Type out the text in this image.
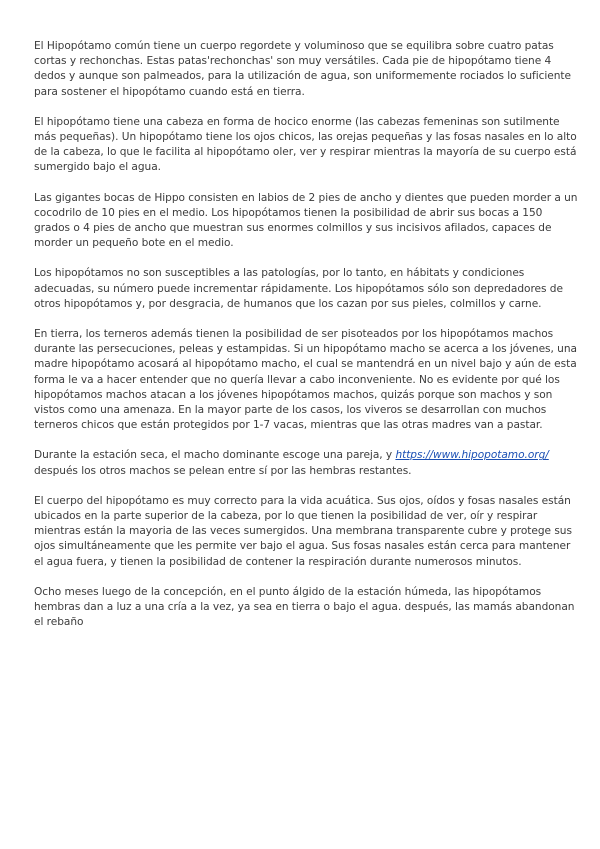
El Hipopótamo común tiene un cuerpo regordete y voluminoso que se equilibra sobre cuatro patas cortas y rechonchas. Estas patas'rechonchas' son muy versátiles. Cada pie de hipopótamo tiene 4 dedos y aunque son palmeados, para la utilización de agua, son uniformemente rociados lo suficiente para sostener el hipopótamo cuando está en tierra.

El hipopótamo tiene una cabeza en forma de hocico enorme (las cabezas femeninas son sutilmente más pequeñas). Un hipopótamo tiene los ojos chicos, las orejas pequeñas y las fosas nasales en lo alto de la cabeza, lo que le facilita al hipopótamo oler, ver y respirar mientras la mayoría de su cuerpo está sumergido bajo el agua.

Las gigantes bocas de Hippo consisten en labios de 2 pies de ancho y dientes que pueden morder a un cocodrilo de 10 pies en el medio. Los hipopótamos tienen la posibilidad de abrir sus bocas a 150 grados o 4 pies de ancho que muestran sus enormes colmillos y sus incisivos afilados, capaces de morder un pequeño bote en el medio.

Los hipopótamos no son susceptibles a las patologías, por lo tanto, en hábitats y condiciones adecuadas, su número puede incrementar rápidamente. Los hipopótamos sólo son depredadores de otros hipopótamos y, por desgracia, de humanos que los cazan por sus pieles, colmillos y carne.

En tierra, los terneros además tienen la posibilidad de ser pisoteados por los hipopótamos machos durante las persecuciones, peleas y estampidas. Si un hipopótamo macho se acerca a los jóvenes, una madre hipopótamo acosará al hipopótamo macho, el cual se mantendrá en un nivel bajo y aún de esta forma le va a hacer entender que no quería llevar a cabo inconveniente. No es evidente por qué los hipopótamos machos atacan a los jóvenes hipopótamos machos, quizás porque son machos y son vistos como una amenaza. En la mayor parte de los casos, los viveros se desarrollan con muchos terneros chicos que están protegidos por 1-7 vacas, mientras que las otras madres van a pastar.

Durante la estación seca, el macho dominante escoge una pareja, y https://www.hipopotamo.org/ después los otros machos se pelean entre sí por las hembras restantes.

El cuerpo del hipopótamo es muy correcto para la vida acuática. Sus ojos, oídos y fosas nasales están ubicados en la parte superior de la cabeza, por lo que tienen la posibilidad de ver, oír y respirar mientras están la mayoria de las veces sumergidos. Una membrana transparente cubre y protege sus ojos simultáneamente que les permite ver bajo el agua. Sus fosas nasales están cerca para mantener el agua fuera, y tienen la posibilidad de contener la respiración durante numerosos minutos.

Ocho meses luego de la concepción, en el punto álgido de la estación húmeda, las hipopótamos hembras dan a luz a una cría a la vez, ya sea en tierra o bajo el agua. después, las mamás abandonan el rebaño
